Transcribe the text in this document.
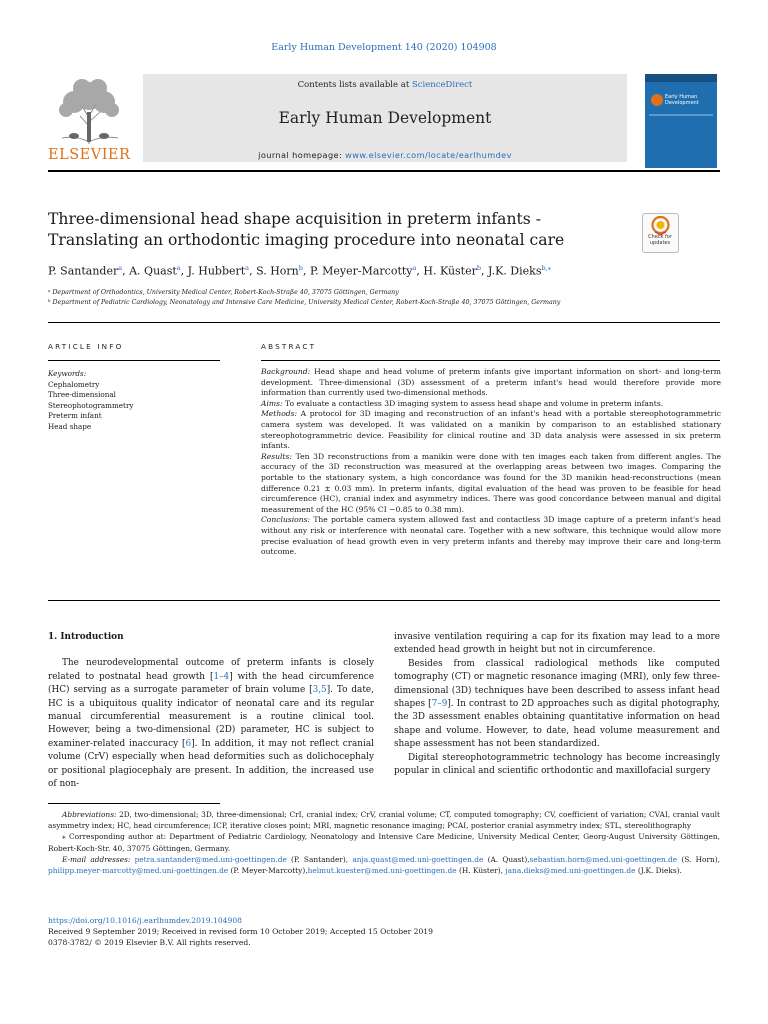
Early Human Development 140 (2020) 104908
ELSEVIER
Contents lists available at ScienceDirect
Early Human Development
journal homepage: www.elsevier.com/locate/earlhumdev
Early Human Development
Three-dimensional head shape acquisition in preterm infants - Translating an orthodontic imaging procedure into neonatal care	Check for updates
P. Santander$^a$, A. Quast$^a$, J. Hubbert$^a$, S. Horn$^b$, P. Meyer-Marcotty$^a$, H. Küster$^b$, J.K. Dieks$^{b,⁎}$
ᵃ Department of Orthodontics, University Medical Center, Robert-Koch-Straße 40, 37075 Göttingen, Germany
ᵇ Department of Pediatric Cardiology, Neonatology and Intensive Care Medicine, University Medical Center, Robert-Koch-Straße 40, 37075 Göttingen, Germany
ARTICLE INFO
Keywords:
Cephalometry
Three-dimensional
Stereophotogrammetry
Preterm infant
Head shape
ABSTRACT

Background: Head shape and head volume of preterm infants give important information on short- and long-term development. Three-dimensional (3D) assessment of a preterm infant's head would therefore provide more information than currently used two-dimensional methods.

Aims: To evaluate a contactless 3D imaging system to assess head shape and volume in preterm infants.

Methods: A protocol for 3D imaging and reconstruction of an infant's head with a portable stereophotogrammetric camera system was developed. It was validated on a manikin by comparison to an established stationary stereophotogrammetric device. Feasibility for clinical routine and 3D data analysis were assessed in six preterm infants.

Results: Ten 3D reconstructions from a manikin were done with ten images each taken from different angles. The accuracy of the 3D reconstruction was measured at the overlapping areas between two images. Comparing the portable to the stationary system, a high concordance was found for the 3D manikin head-reconstructions (mean difference 0.21 ± 0.03 mm). In preterm infants, digital evaluation of the head was proven to be feasible for head circumference (HC), cranial index and asymmetry indices. There was good concordance between manual and digital measurement of the HC (95% CI −0.85 to 0.38 mm).

Conclusions: The portable camera system allowed fast and contactless 3D image capture of a preterm infant's head without any risk or interference with neonatal care. Together with a new software, this technique would allow more precise evaluation of head growth even in very preterm infants and thereby may improve their care and long-term outcome.

1. Introduction

The neurodevelopmental outcome of preterm infants is closely related to postnatal head growth [1–4] with the head circumference (HC) serving as a surrogate parameter of brain volume [3,5]. To date, HC is a ubiquitous quality indicator of neonatal care and its regular manual circumferential measurement is a routine clinical tool. However, being a two-dimensional (2D) parameter, HC is subject to examiner-related inaccuracy [6]. In addition, it may not reflect cranial volume (CrV) especially when head deformities such as dolichocephaly or positional plagiocephaly are present. In addition, the increased use of non-

invasive ventilation requiring a cap for its fixation may lead to a more extended head growth in height but not in circumference.

Besides from classical radiological methods like computed tomography (CT) or magnetic resonance imaging (MRI), only few three-dimensional (3D) techniques have been described to assess infant head shapes [7–9]. In contrast to 2D approaches such as digital photography, the 3D assessment enables obtaining quantitative information on head shape and volume. However, to date, head volume measurement and shape assessment has not been standardized.

Digital stereophotogrammetric technology has become increasingly popular in clinical and scientific orthodontic and maxillofacial surgery

Abbreviations: 2D, two-dimensional; 3D, three-dimensional; CrI, cranial index; CrV, cranial volume; CT, computed tomography; CV, coefficient of variation; CVAI, cranial vault asymmetry index; HC, head circumference; ICP, iterative closes point; MRI, magnetic resonance imaging; PCAI, posterior cranial asymmetry index; STL, stereolithography

⁎ Corresponding author at: Department of Pediatric Cardiology, Neonatology and Intensive Care Medicine, University Medical Center, Georg-August University Göttingen, Robert-Koch-Str. 40, 37075 Göttingen, Germany.

E-mail addresses: petra.santander@med.uni-goettingen.de (P. Santander), anja.quast@med.uni-goettingen.de (A. Quast),sebastian.horn@med.uni-goettingen.de (S. Horn), philipp.meyer-marcotty@med.uni-goettingen.de (P. Meyer-Marcotty),helmut.kuester@med.uni-goettingen.de (H. Küster), jana.dieks@med.uni-goettingen.de (J.K. Dieks).

https://doi.org/10.1016/j.earlhumdev.2019.104908

Received 9 September 2019; Received in revised form 10 October 2019; Accepted 15 October 2019

0378-3782/ © 2019 Elsevier B.V. All rights reserved.
